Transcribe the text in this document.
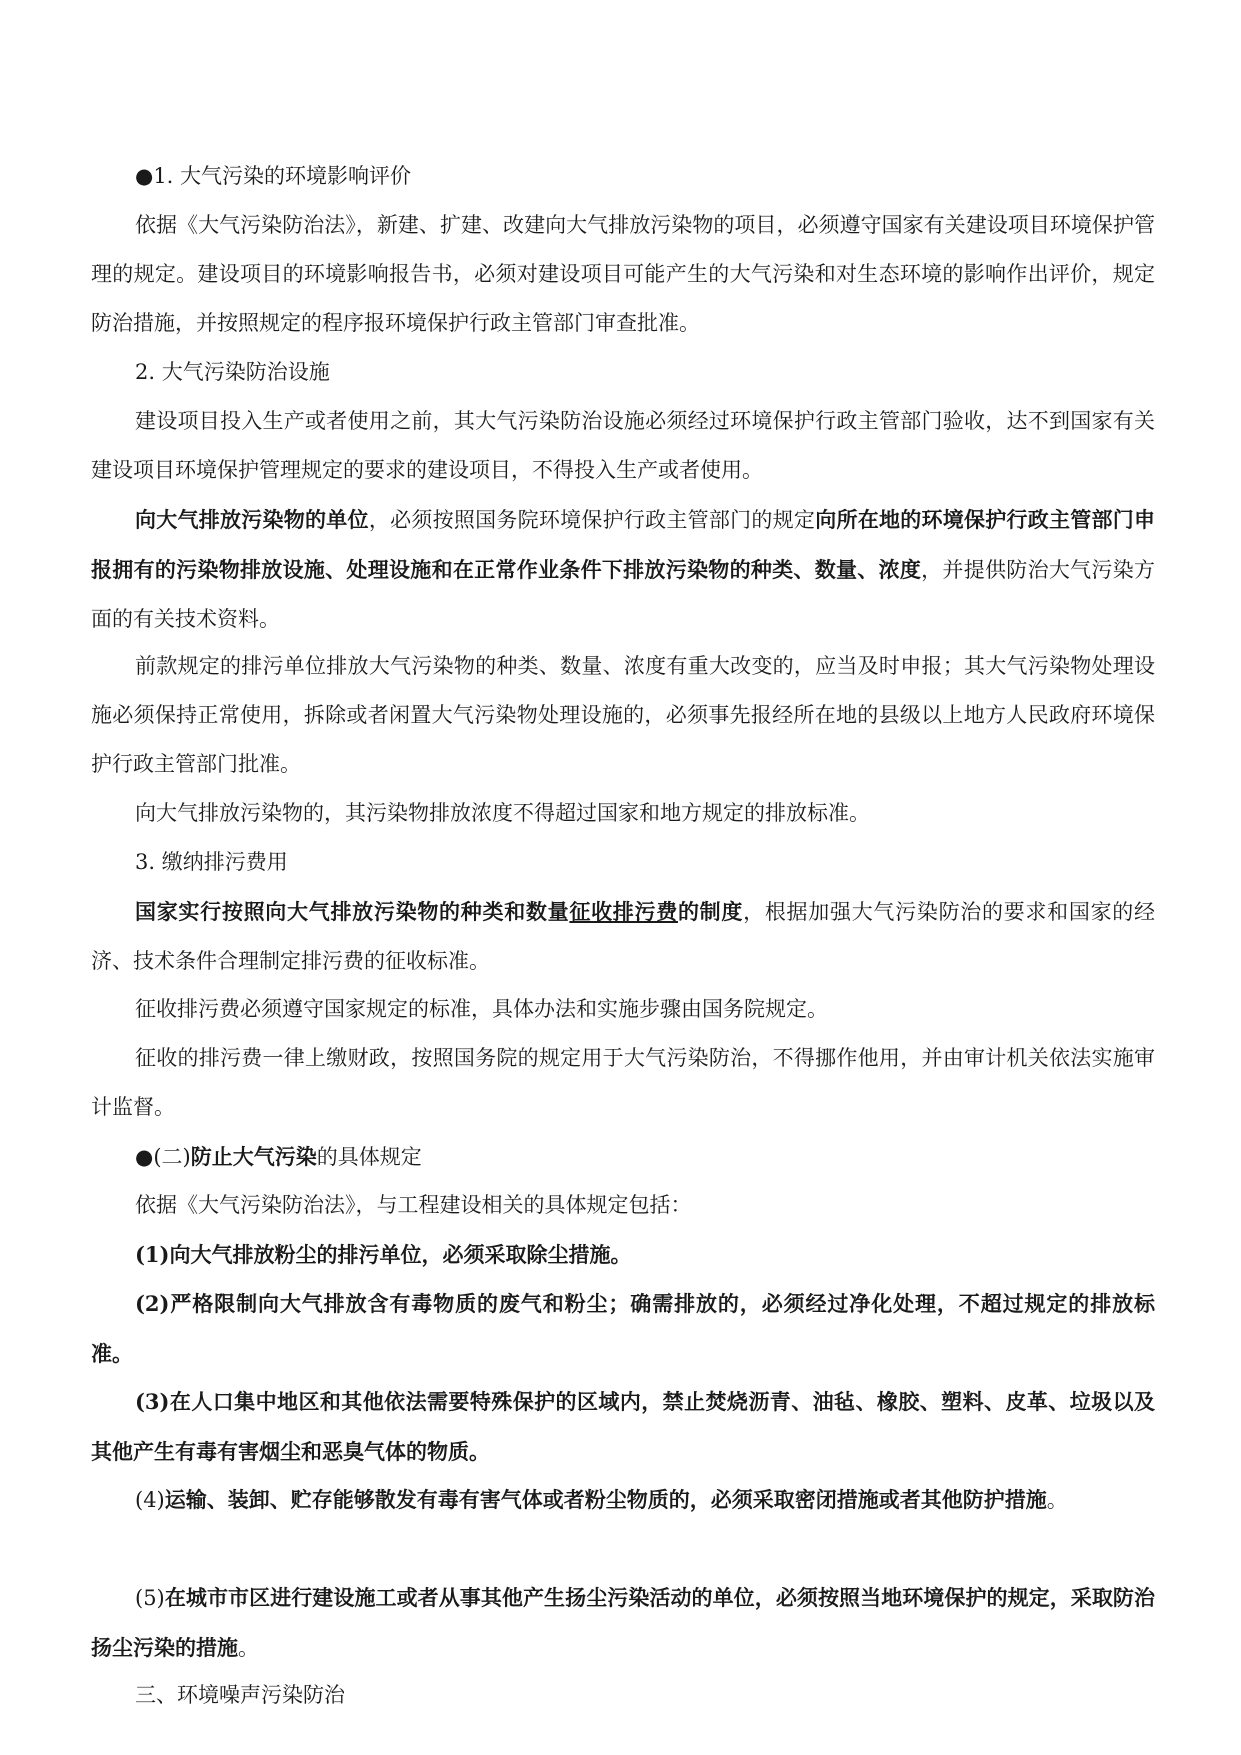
●1. 大气污染的环境影响评价

依据《大气污染防治法》，新建、扩建、改建向大气排放污染物的项目，必须遵守国家有关建设项目环境保护管理的规定。建设项目的环境影响报告书，必须对建设项目可能产生的大气污染和对生态环境的影响作出评价，规定防治措施，并按照规定的程序报环境保护行政主管部门审查批准。

2. 大气污染防治设施

建设项目投入生产或者使用之前，其大气污染防治设施必须经过环境保护行政主管部门验收，达不到国家有关建设项目环境保护管理规定的要求的建设项目，不得投入生产或者使用。

向大气排放污染物的单位，必须按照国务院环境保护行政主管部门的规定向所在地的环境保护行政主管部门申报拥有的污染物排放设施、处理设施和在正常作业条件下排放污染物的种类、数量、浓度，并提供防治大气污染方面的有关技术资料。

前款规定的排污单位排放大气污染物的种类、数量、浓度有重大改变的，应当及时申报；其大气污染物处理设施必须保持正常使用，拆除或者闲置大气污染物处理设施的，必须事先报经所在地的县级以上地方人民政府环境保护行政主管部门批准。

向大气排放污染物的，其污染物排放浓度不得超过国家和地方规定的排放标准。

3. 缴纳排污费用

国家实行按照向大气排放污染物的种类和数量征收排污费的制度，根据加强大气污染防治的要求和国家的经济、技术条件合理制定排污费的征收标准。

征收排污费必须遵守国家规定的标准，具体办法和实施步骤由国务院规定。

征收的排污费一律上缴财政，按照国务院的规定用于大气污染防治，不得挪作他用，并由审计机关依法实施审计监督。

●(二)防止大气污染的具体规定

依据《大气污染防治法》，与工程建设相关的具体规定包括：

(1)向大气排放粉尘的排污单位，必须采取除尘措施。

(2)严格限制向大气排放含有毒物质的废气和粉尘；确需排放的，必须经过净化处理，不超过规定的排放标准。

(3)在人口集中地区和其他依法需要特殊保护的区域内，禁止焚烧沥青、油毡、橡胶、塑料、皮革、垃圾以及其他产生有毒有害烟尘和恶臭气体的物质。

(4)运输、装卸、贮存能够散发有毒有害气体或者粉尘物质的，必须采取密闭措施或者其他防护措施。

(5)在城市市区进行建设施工或者从事其他产生扬尘污染活动的单位，必须按照当地环境保护的规定，采取防治扬尘污染的措施。

三、环境噪声污染防治
